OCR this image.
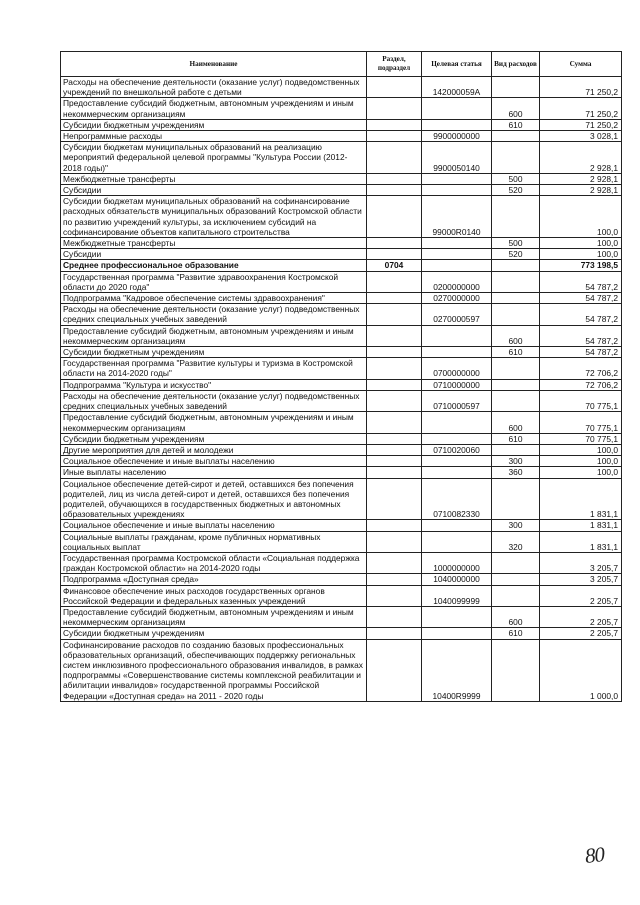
Наименование	Раздел, подраздел	Целевая статья	Вид расходов	Сумма
Расходы на обеспечение деятельности (оказание услуг) подведомственных учреждений по внешкольной работе с детьми		142000059А		71 250,2
Предоставление субсидий бюджетным, автономным учреждениям и иным некоммерческим организациям			600	71 250,2
Субсидии бюджетным учреждениям			610	71 250,2
Непрограммные расходы		9900000000		3 028,1
Субсидии бюджетам муниципальных образований на реализацию мероприятий федеральной целевой программы "Культура России (2012-2018 годы)"		9900050140		2 928,1
Межбюджетные трансферты			500	2 928,1
Субсидии			520	2 928,1
Субсидии бюджетам муниципальных образований на софинансирование расходных обязательств муниципальных образований Костромской области по развитию учреждений культуры, за исключением субсидий на софинансирование объектов капитального строительства		99000R0140		100,0
Межбюджетные трансферты			500	100,0
Субсидии			520	100,0
Среднее профессиональное образование	0704			773 198,5
Государственная программа "Развитие здравоохранения Костромской области до 2020 года"		0200000000		54 787,2
Подпрограмма "Кадровое обеспечение системы здравоохранения"		0270000000		54 787,2
Расходы на обеспечение деятельности (оказание услуг) подведомственных средних специальных учебных заведений		0270000597		54 787,2
Предоставление субсидий бюджетным, автономным учреждениям и иным некоммерческим организациям			600	54 787,2
Субсидии бюджетным учреждениям			610	54 787,2
Государственная программа "Развитие культуры и туризма в Костромской области на 2014-2020 годы"		0700000000		72 706,2
Подпрограмма "Культура и искусство"		0710000000		72 706,2
Расходы на обеспечение деятельности (оказание услуг) подведомственных средних специальных учебных заведений		0710000597		70 775,1
Предоставление субсидий бюджетным, автономным учреждениям и иным некоммерческим организациям			600	70 775,1
Субсидии бюджетным учреждениям			610	70 775,1
Другие мероприятия для детей и молодежи		0710020060		100,0
Социальное обеспечение и иные выплаты населению			300	100,0
Иные выплаты населению			360	100,0
Социальное обеспечение детей-сирот и детей, оставшихся без попечения родителей, лиц из числа детей-сирот и детей, оставшихся без попечения родителей, обучающихся в государственных бюджетных и автономных образовательных учреждениях		0710082330		1 831,1
Социальное обеспечение и иные выплаты населению			300	1 831,1
Социальные выплаты гражданам, кроме публичных нормативных социальных выплат			320	1 831,1
Государственная программа Костромской области «Социальная поддержка граждан Костромской области» на 2014-2020 годы		1000000000		3 205,7
Подпрограмма «Доступная среда»		1040000000		3 205,7
Финансовое обеспечение иных расходов государственных органов Российской Федерации и федеральных казенных учреждений		1040099999		2 205,7
Предоставление субсидий бюджетным, автономным учреждениям и иным некоммерческим организациям			600	2 205,7
Субсидии бюджетным учреждениям			610	2 205,7
Софинансирование расходов по созданию базовых профессиональных образовательных организаций, обеспечивающих поддержку региональных систем инклюзивного профессионального образования инвалидов, в рамках подпрограммы «Совершенствование системы комплексной реабилитации и абилитации инвалидов» государственной программы Российской Федерации «Доступная среда» на 2011 - 2020 годы		10400R9999		1 000,0
80
